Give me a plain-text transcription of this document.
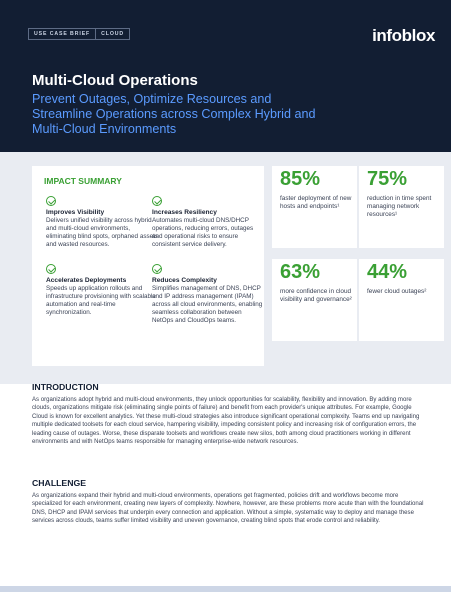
USE CASE BRIEF	CLOUD	infoblox
Multi-Cloud Operations
Prevent Outages, Optimize Resources and Streamline Operations across Complex Hybrid and Multi-Cloud Environments
IMPACT SUMMARY
Improves Visibility
Delivers unified visibility across hybrid and multi-cloud environments, eliminating blind spots, orphaned assets and wasted resources.
Increases Resiliency
Automates multi-cloud DNS/DHCP operations, reducing errors, outages and operational risks to ensure consistent service delivery.
Accelerates Deployments
Speeds up application rollouts and infrastructure provisioning with scalable automation and real-time synchronization.
Reduces Complexity
Simplifies management of DNS, DHCP and IP address management (IPAM) across all cloud environments, enabling seamless collaboration between NetOps and CloudOps teams.
85%
faster deployment of new hosts and endpoints¹
75%
reduction in time spent managing network resources¹
63%
more confidence in cloud visibility and governance²
44%
fewer cloud outages²
INTRODUCTION
As organizations adopt hybrid and multi-cloud environments, they unlock opportunities for scalability, flexibility and innovation. By adding more clouds, organizations mitigate risk (eliminating single points of failure) and benefit from each provider's unique attributes. For example, Google Cloud is known for excellent analytics. Yet these multi-cloud strategies also introduce significant operational complexity. Teams end up navigating multiple dedicated toolsets for each cloud service, hampering visibility, impeding consistent policy and increasing risk of configuration errors, the leading cause of outages. Worse, these disparate toolsets and workflows create new silos, both among cloud practitioners working in different environments and with NetOps teams responsible for managing enterprise-wide network resources.
CHALLENGE
As organizations expand their hybrid and multi-cloud environments, operations get fragmented, policies drift and workflows become more specialized for each environment, creating new layers of complexity. Nowhere, however, are these problems more acute than with the foundational DNS, DHCP and IPAM services that underpin every connection and application. Without a simple, systematic way to deploy and manage these services across clouds, teams suffer limited visibility and uneven governance, creating blind spots that erode control and reliability.
